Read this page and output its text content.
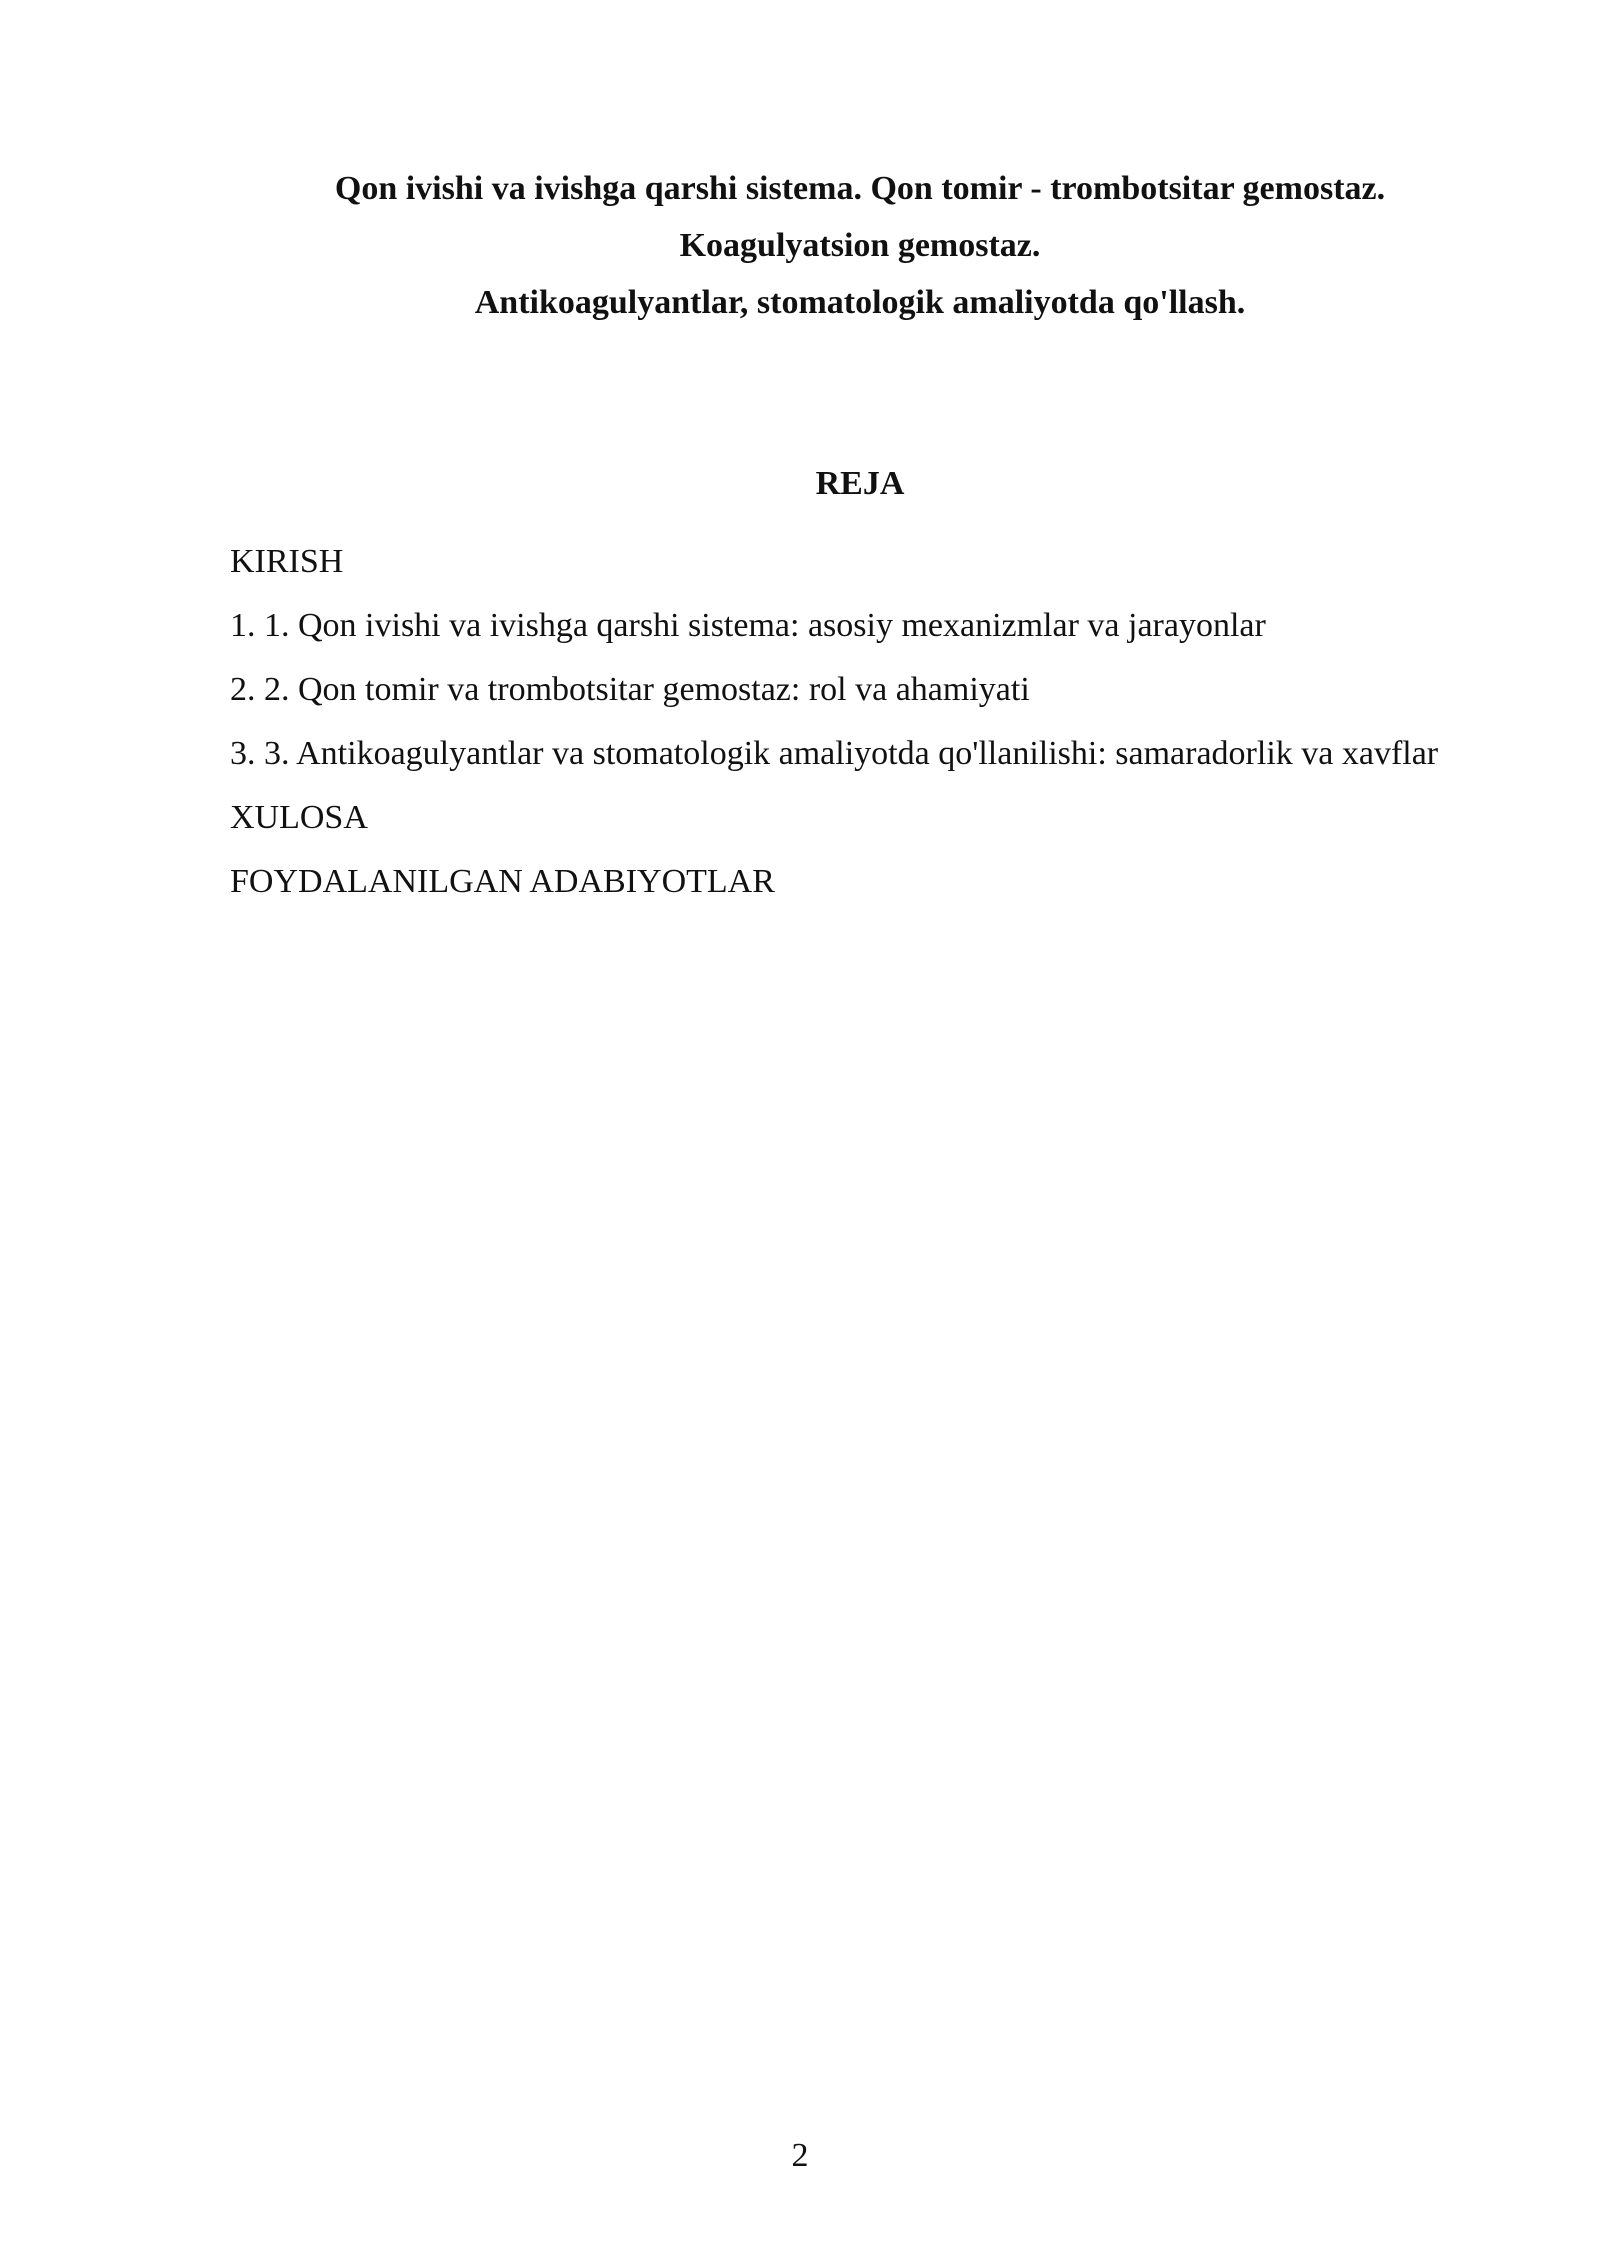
Qon ivishi va ivishga qarshi sistema. Qon tomir - trombotsitar gemostaz.
Koagulyatsion gemostaz.
Antikoagulyantlar, stomatologik amaliyotda qo'llash.
REJA
KIRISH
1. 1. Qon ivishi va ivishga qarshi sistema: asosiy mexanizmlar va jarayonlar
2. 2. Qon tomir va trombotsitar gemostaz: rol va ahamiyati
3. 3. Antikoagulyantlar va stomatologik amaliyotda qo'llanilishi: samaradorlik va xavflar
XULOSA
FOYDALANILGAN ADABIYOTLAR
2
